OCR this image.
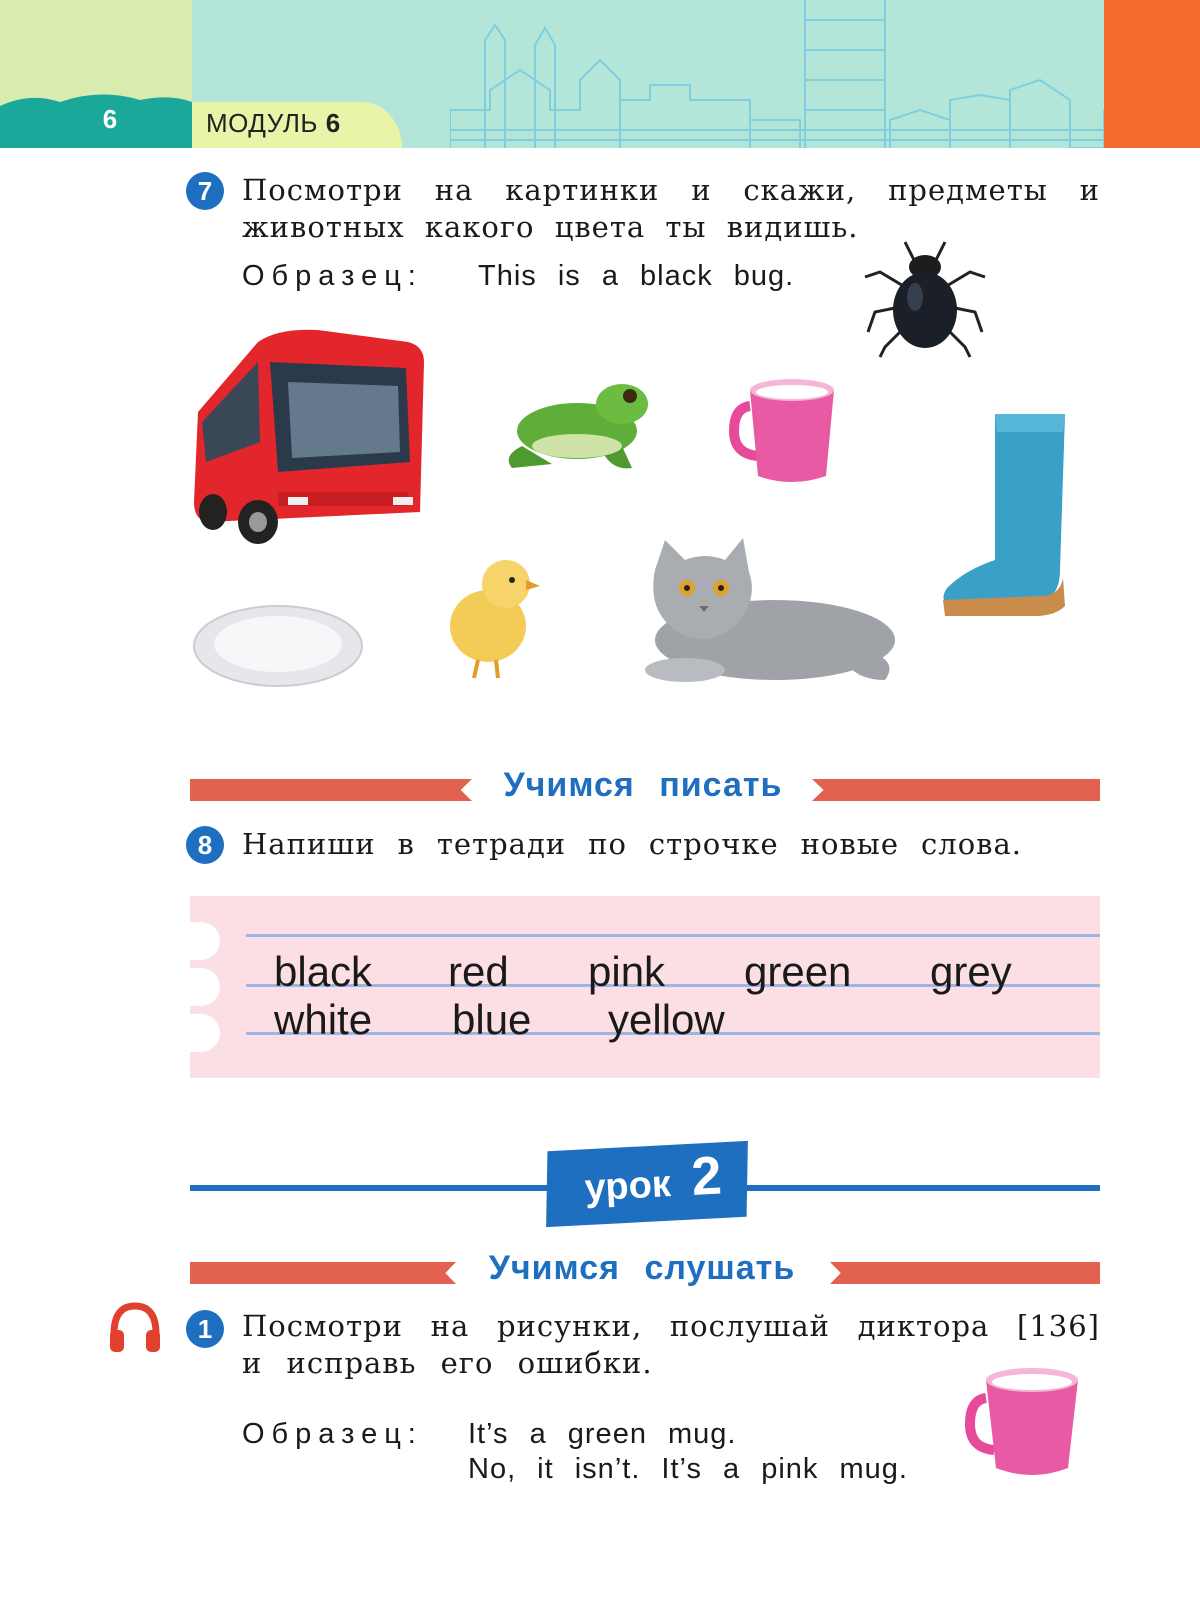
6	МОДУЛЬ 6
7	Посмотри на картинки и скажи, предметы и
животных какого цвета ты видишь.
Образец: This is a black bug.
Учимся писать
8	Напиши в тетради по строчке новые слова.
black red pink green grey
white blue yellow
урок 2
Учимся слушать
1	Посмотри на рисунки, послушай диктора [136]
и исправь его ошибки.
Образец: It’s a green mug.
No, it isn’t. It’s a pink mug.
